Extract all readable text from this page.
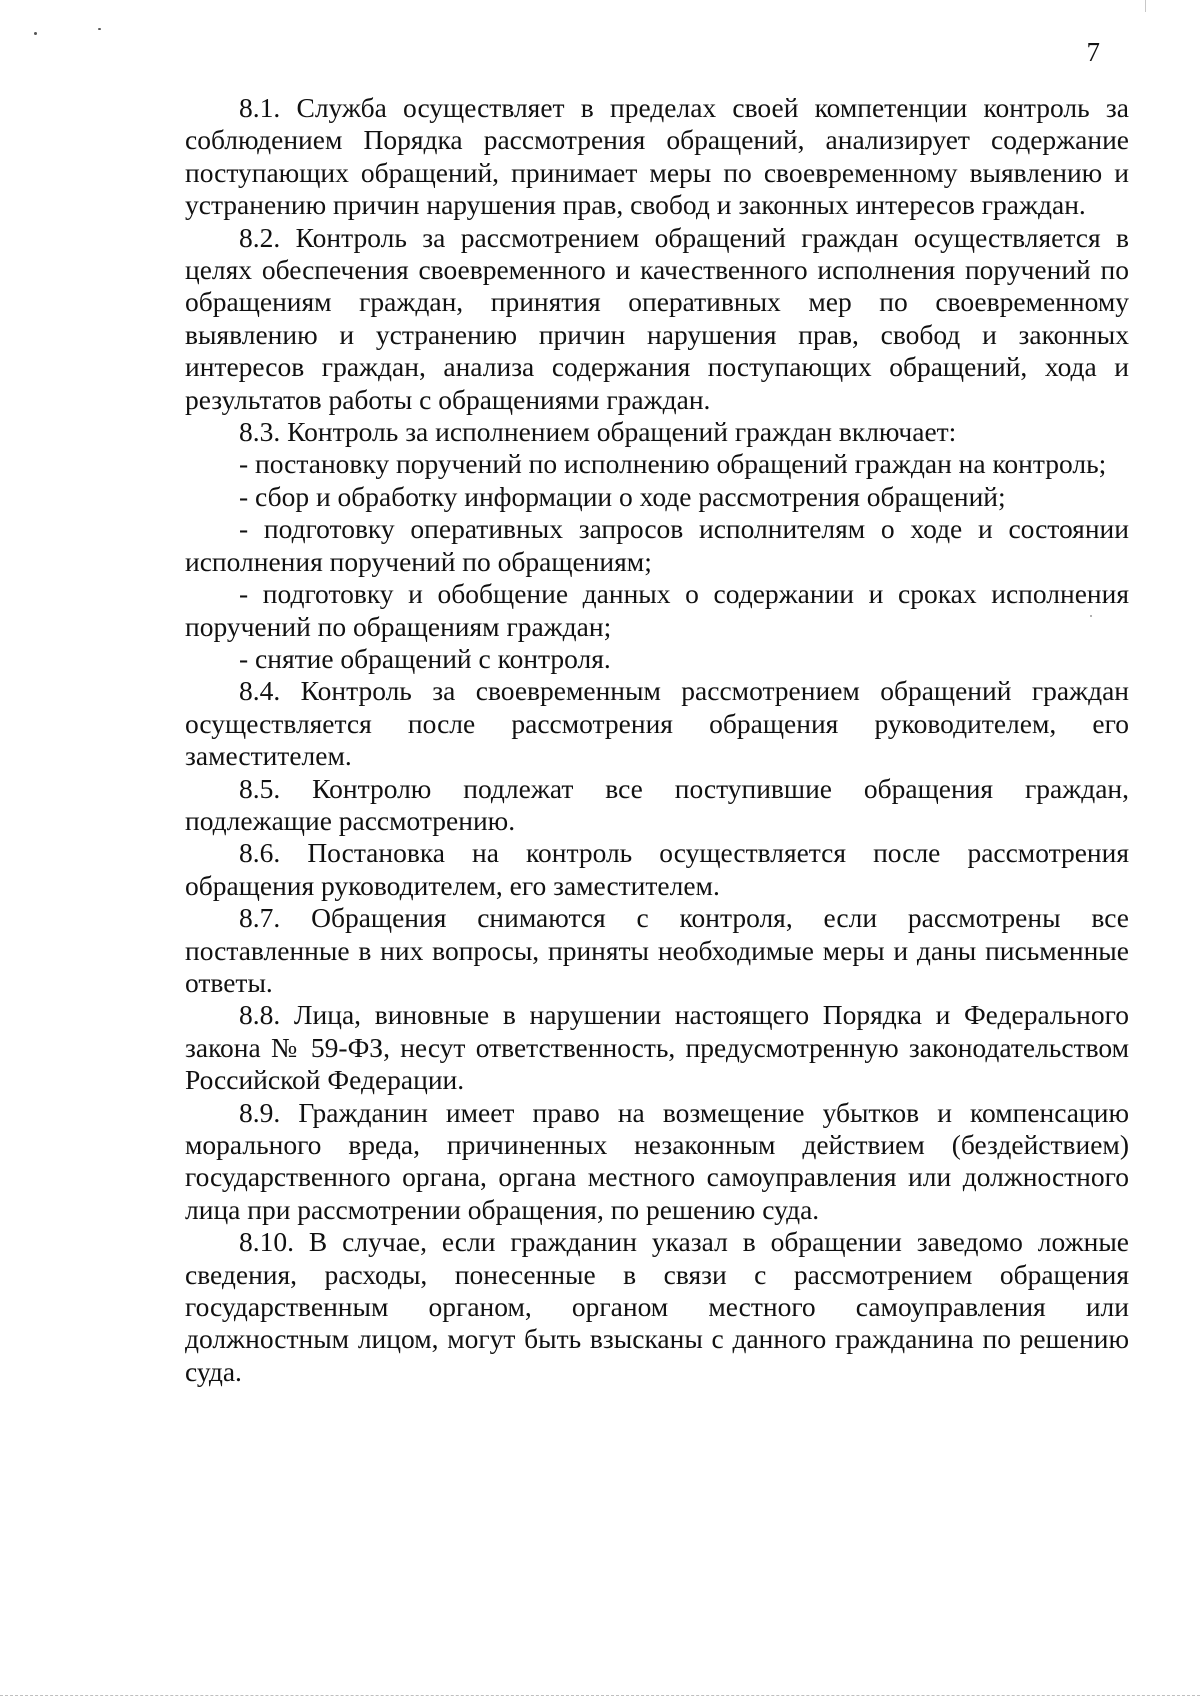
7

8.1. Служба осуществляет в пределах своей компетенции контроль за соблюдением Порядка рассмотрения обращений, анализирует содержание поступающих обращений, принимает меры по своевременному выявлению и устранению причин нарушения прав, свобод и законных интересов граждан.

8.2. Контроль за рассмотрением обращений граждан осуществляется в целях обеспечения своевременного и качественного исполнения поручений по обращениям граждан, принятия оперативных мер по своевременному выявлению и устранению причин нарушения прав, свобод и законных интересов граждан, анализа содержания поступающих обращений, хода и результатов работы с обращениями граждан.

8.3. Контроль за исполнением обращений граждан включает:

- постановку поручений по исполнению обращений граждан на контроль;

- сбор и обработку информации о ходе рассмотрения обращений;

- подготовку оперативных запросов исполнителям о ходе и состоянии исполнения поручений по обращениям;

- подготовку и обобщение данных о содержании и сроках исполнения поручений по обращениям граждан;

- снятие обращений с контроля.

8.4. Контроль за своевременным рассмотрением обращений граждан осуществляется после рассмотрения обращения руководителем, его заместителем.

8.5. Контролю подлежат все поступившие обращения граждан, подлежащие рассмотрению.

8.6. Постановка на контроль осуществляется после рассмотрения обращения руководителем, его заместителем.

8.7. Обращения снимаются с контроля, если рассмотрены все поставленные в них вопросы, приняты необходимые меры и даны письменные ответы.

8.8. Лица, виновные в нарушении настоящего Порядка и Федерального закона № 59-ФЗ, несут ответственность, предусмотренную законодательством Российской Федерации.

8.9. Гражданин имеет право на возмещение убытков и компенсацию морального вреда, причиненных незаконным действием (бездействием) государственного органа, органа местного самоуправления или должностного лица при рассмотрении обращения, по решению суда.

8.10. В случае, если гражданин указал в обращении заведомо ложные сведения, расходы, понесенные в связи с рассмотрением обращения государственным органом, органом местного самоуправления или должностным лицом, могут быть взысканы с данного гражданина по решению суда.
